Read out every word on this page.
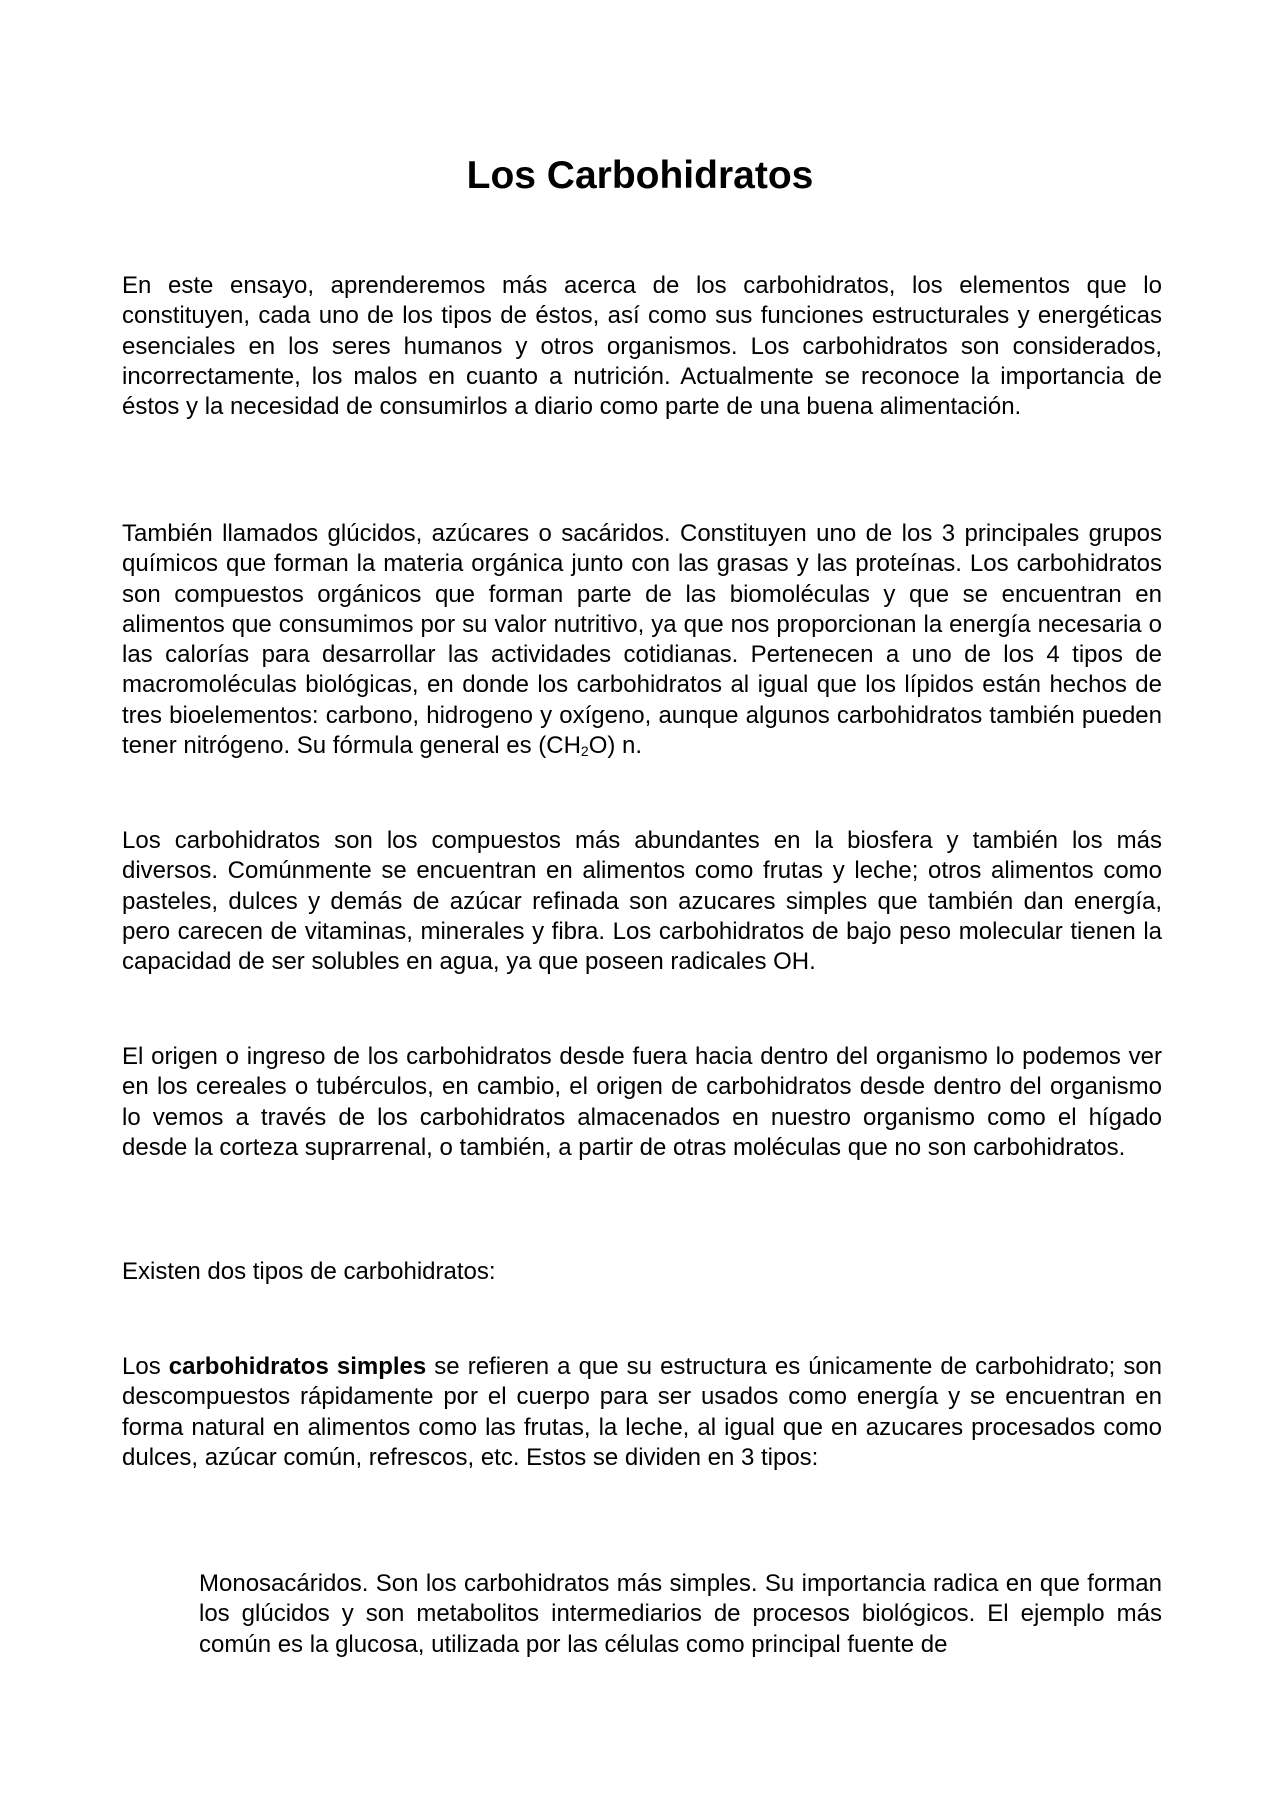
Los Carbohidratos

En este ensayo, aprenderemos más acerca de los carbohidratos, los elementos que lo constituyen, cada uno de los tipos de éstos, así como sus funciones estructurales y energéticas esenciales en los seres humanos y otros organismos. Los carbohidratos son considerados, incorrectamente, los malos en cuanto a nutrición. Actualmente se reconoce la importancia de éstos y la necesidad de consumirlos a diario como parte de una buena alimentación.

También llamados glúcidos, azúcares o sacáridos. Constituyen uno de los 3 principales grupos químicos que forman la materia orgánica junto con las grasas y las proteínas. Los carbohidratos son compuestos orgánicos que forman parte de las biomoléculas y que se encuentran en alimentos que consumimos por su valor nutritivo, ya que nos proporcionan la energía necesaria o las calorías para desarrollar las actividades cotidianas. Pertenecen a uno de los 4 tipos de macromoléculas biológicas, en donde los carbohidratos al igual que los lípidos están hechos de tres bioelementos: carbono, hidrogeno y oxígeno, aunque algunos carbohidratos también pueden tener nitrógeno. Su fórmula general es $(CH_2O)$ n.

Los carbohidratos son los compuestos más abundantes en la biosfera y también los más diversos. Comúnmente se encuentran en alimentos como frutas y leche; otros alimentos como pasteles, dulces y demás de azúcar refinada son azucares simples que también dan energía, pero carecen de vitaminas, minerales y fibra. Los carbohidratos de bajo peso molecular tienen la capacidad de ser solubles en agua, ya que poseen radicales OH.

El origen o ingreso de los carbohidratos desde fuera hacia dentro del organismo lo podemos ver en los cereales o tubérculos, en cambio, el origen de carbohidratos desde dentro del organismo lo vemos a través de los carbohidratos almacenados en nuestro organismo como el hígado desde la corteza suprarrenal, o también, a partir de otras moléculas que no son carbohidratos.

Existen dos tipos de carbohidratos:

Los carbohidratos simples se refieren a que su estructura es únicamente de carbohidrato; son descompuestos rápidamente por el cuerpo para ser usados como energía y se encuentran en forma natural en alimentos como las frutas, la leche, al igual que en azucares procesados como dulces, azúcar común, refrescos, etc. Estos se dividen en 3 tipos:

Monosacáridos. Son los carbohidratos más simples. Su importancia radica en que forman los glúcidos y son metabolitos intermediarios de procesos biológicos. El ejemplo más común es la glucosa, utilizada por las células como principal fuente de
